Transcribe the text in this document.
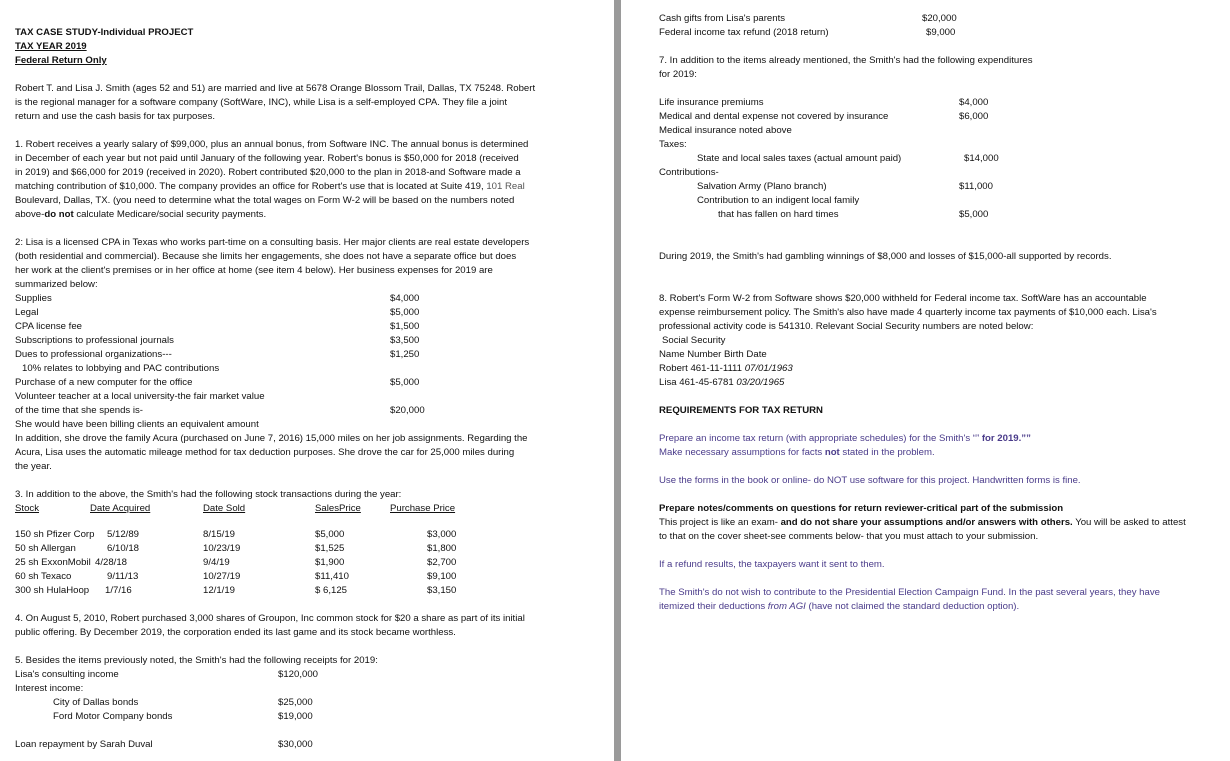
TAX CASE STUDY-Individual PROJECT
TAX YEAR 2019
Federal Return Only
Robert T. and Lisa J. Smith (ages 52 and 51) are married and live at 5678 Orange Blossom Trail, Dallas, TX 75248. Robert
is the regional manager for a software company (SoftWare, INC), while Lisa is a self-employed CPA. They file a joint
return and use the cash basis for tax purposes.
1. Robert receives a yearly salary of $99,000, plus an annual bonus, from Software INC. The annual bonus is determined
in December of each year but not paid until January of the following year. Robert's bonus is $50,000 for 2018 (received
in 2019) and $66,000 for 2019 (received in 2020). Robert contributed $20,000 to the plan in 2018-and Software made a
matching contribution of $10,000. The company provides an office for Robert's use that is located at Suite 419, 101 Real
Boulevard, Dallas, TX. (you need to determine what the total wages on Form W-2 will be based on the numbers noted
above-do not calculate Medicare/social security payments.
2: Lisa is a licensed CPA in Texas who works part-time on a consulting basis. Her major clients are real estate developers
(both residential and commercial). Because she limits her engagements, she does not have a separate office but does
her work at the client's premises or in her office at home (see item 4 below). Her business expenses for 2019 are
summarized below:
Supplies	$4,000
Legal	$5,000
CPA license fee	$1,500
Subscriptions to professional journals	$3,500
Dues to professional organizations---	$1,250
10% relates to lobbying and PAC contributions
Purchase of a new computer for the office	$5,000
Volunteer teacher at a local university-the fair market value
of the time that she spends is-	$20,000
She would have been billing clients an equivalent amount
In addition, she drove the family Acura (purchased on June 7, 2016) 15,000 miles on her job assignments. Regarding the
Acura, Lisa uses the automatic mileage method for tax deduction purposes. She drove the car for 25,000 miles during
the year.
3. In addition to the above, the Smith's had the following stock transactions during the year:
Stock	Date Acquired	Date Sold	SalesPrice	Purchase Price
150 sh Pfizer Corp 5/12/89	8/15/19	$5,000	$3,000
50 sh Allergan	6/10/18	10/23/19	$1,525	$1,800
25 sh ExxonMobil 4/28/18	9/4/19	$1,900	$2,700
60 sh Texaco	9/11/13	10/27/19	$11,410	$9,100
300 sh HulaHoop 1/7/16	12/1/19	$ 6,125	$3,150
4. On August 5, 2010, Robert purchased 3,000 shares of Groupon, Inc common stock for $20 a share as part of its initial
public offering. By December 2019, the corporation ended its last game and its stock became worthless.
5. Besides the items previously noted, the Smith's had the following receipts for 2019:
Lisa's consulting income	$120,000
Interest income:
City of Dallas bonds	$25,000
Ford Motor Company bonds	$19,000
Loan repayment by Sarah Duval	$30,000
Cash gifts from Lisa's parents	$20,000
Federal income tax refund (2018 return)	$9,000
7. In addition to the items already mentioned, the Smith's had the following expenditures
for 2019:
Life insurance premiums	$4,000
Medical and dental expense not covered by insurance	$6,000
Medical insurance noted above
Taxes:
State and local sales taxes (actual amount paid)	$14,000
Contributions-
Salvation Army (Plano branch)	$11,000
Contribution to an indigent local family
that has fallen on hard times	$5,000
During 2019, the Smith's had gambling winnings of $8,000 and losses of $15,000-all supported by records.
8. Robert's Form W-2 from Software shows $20,000 withheld for Federal income tax. SoftWare has an accountable
expense reimbursement policy. The Smith's also have made 4 quarterly income tax payments of $10,000 each. Lisa's
professional activity code is 541310. Relevant Social Security numbers are noted below:
Social Security
Name Number Birth Date
Robert 461-11-1111 07/01/1963
Lisa 461-45-6781 03/20/1965
REQUIREMENTS FOR TAX RETURN
Prepare an income tax return (with appropriate schedules) for the Smith's “” for 2019.””
Make necessary assumptions for facts not stated in the problem.
Use the forms in the book or online- do NOT use software for this project. Handwritten forms is fine.
Prepare notes/comments on questions for return reviewer-critical part of the submission
This project is like an exam- and do not share your assumptions and/or answers with others. You will be asked to attest
to that on the cover sheet-see comments below- that you must attach to your submission.
If a refund results, the taxpayers want it sent to them.
The Smith's do not wish to contribute to the Presidential Election Campaign Fund. In the past several years, they have
itemized their deductions from AGI (have not claimed the standard deduction option).
